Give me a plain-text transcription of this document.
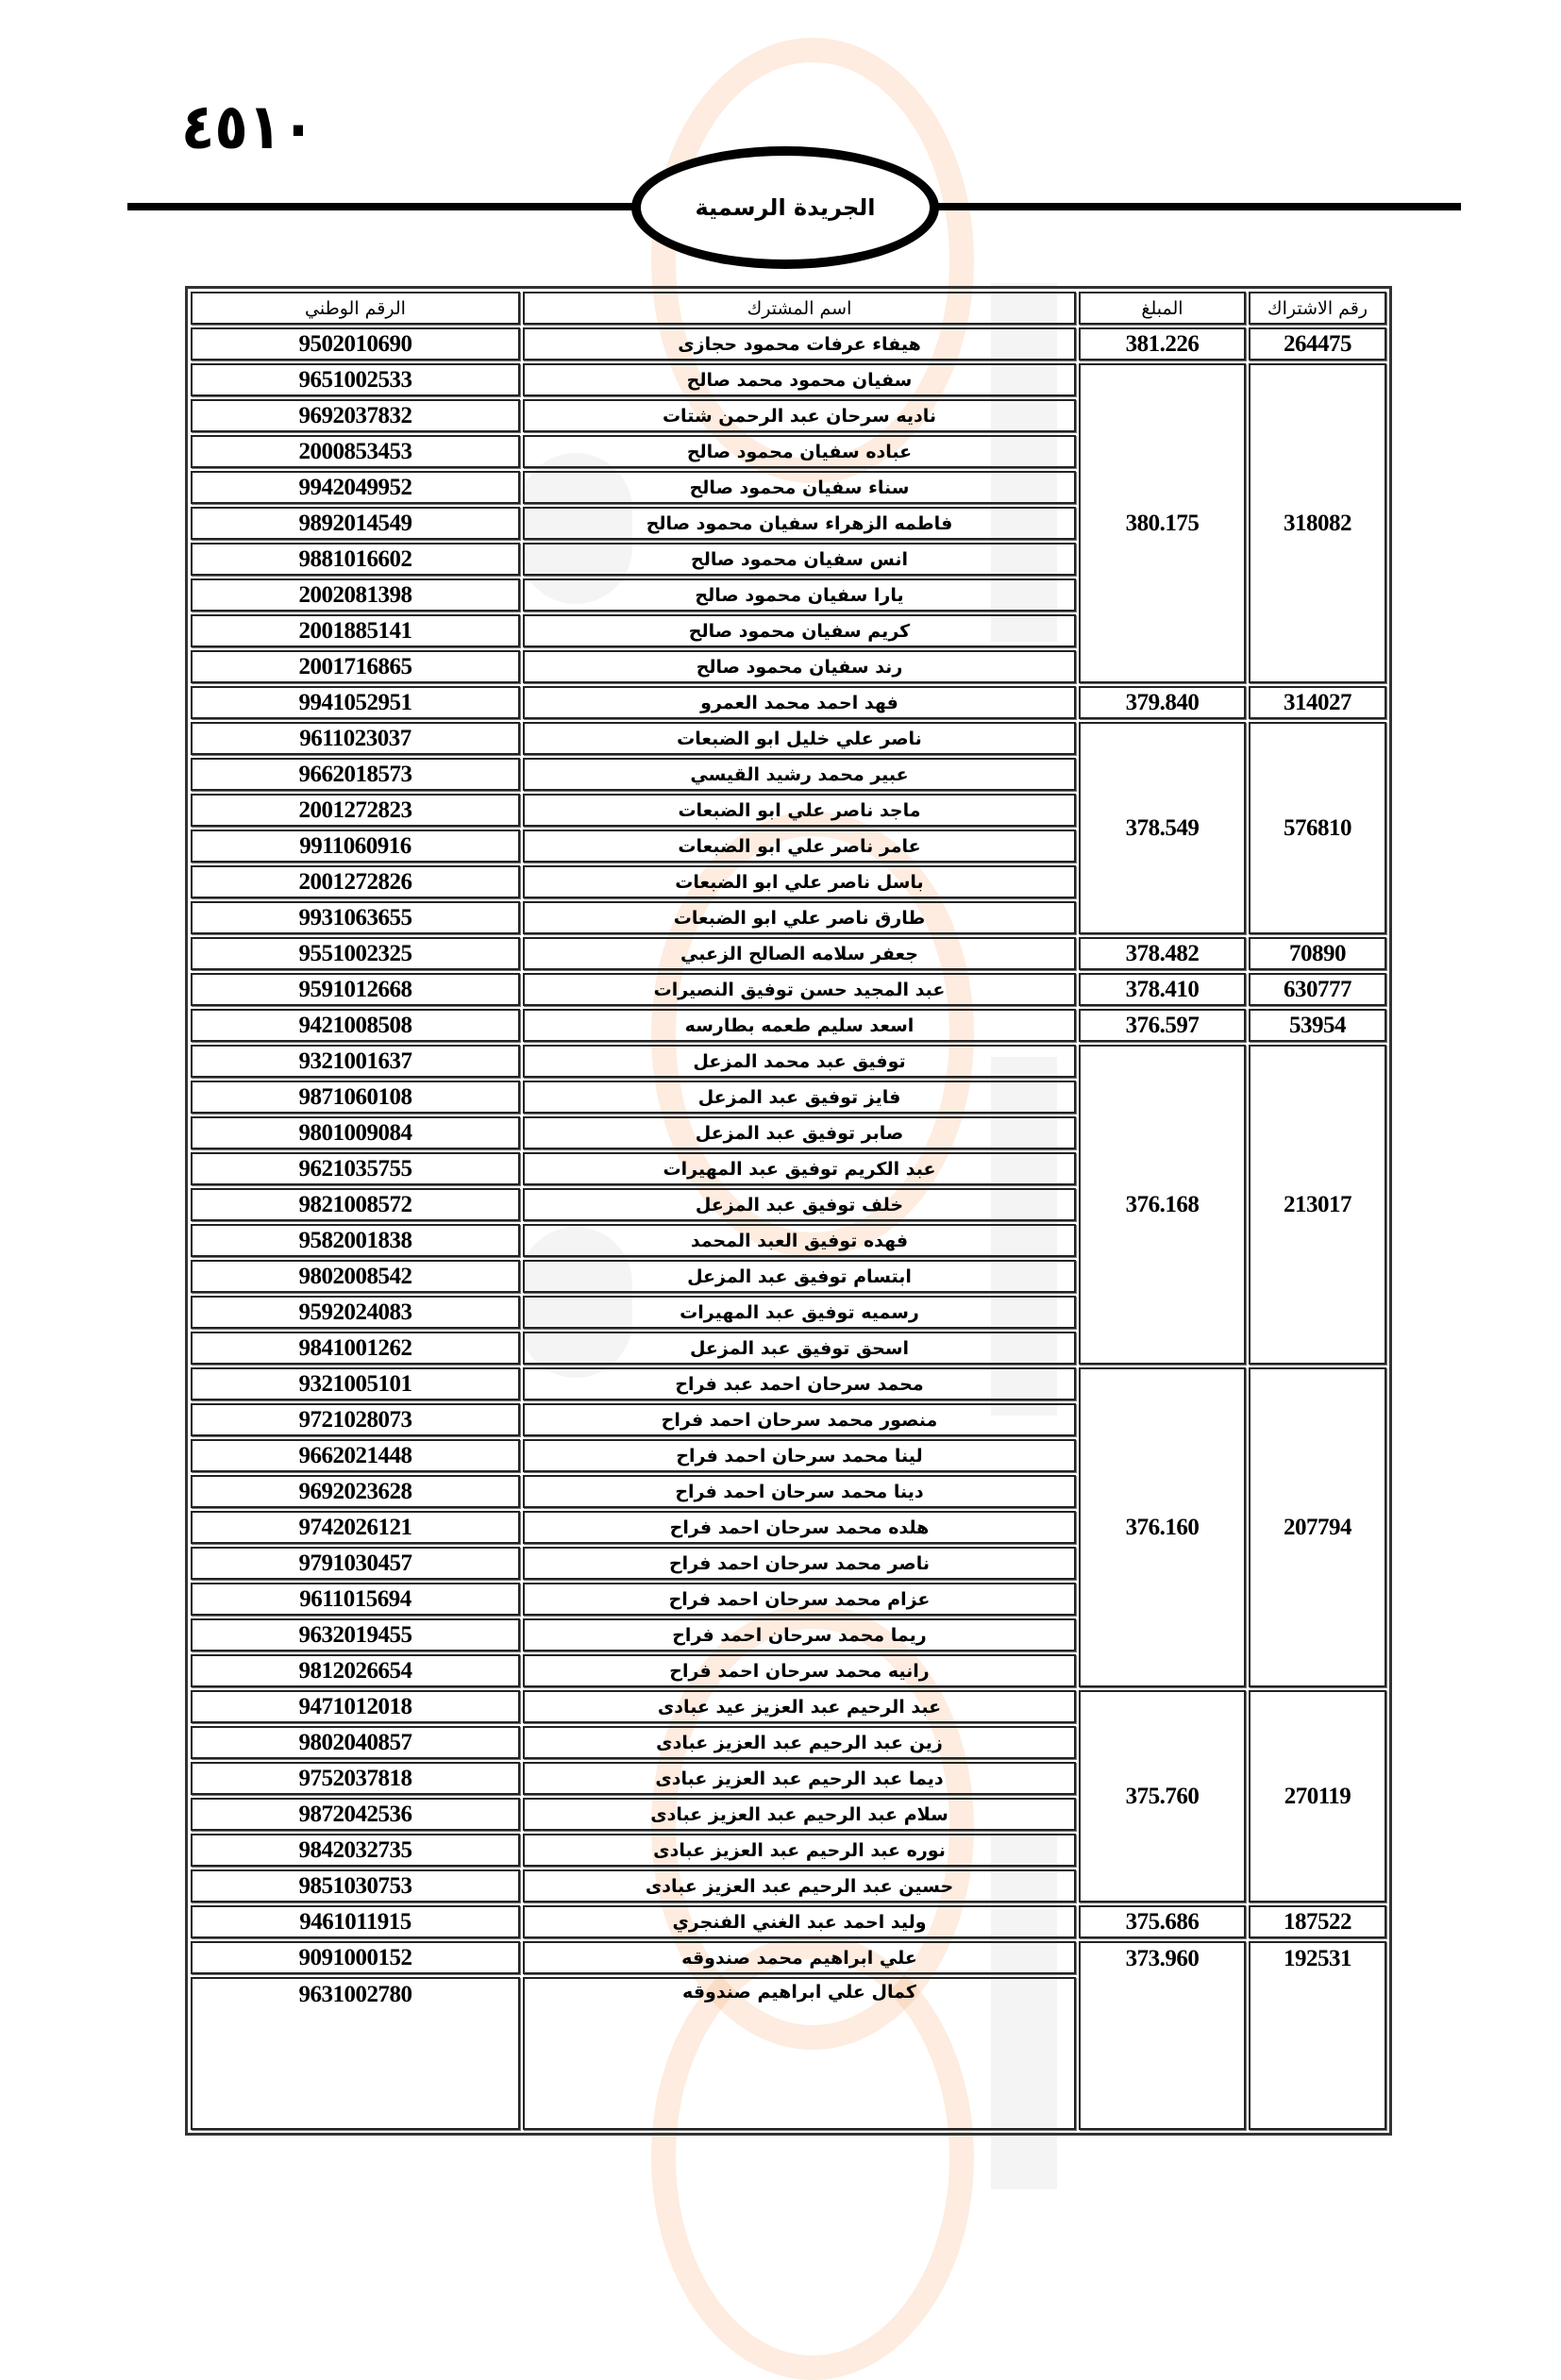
٤٥١٠
الجريدة الرسمية
رقم الاشتراك	المبلغ	اسم المشترك	الرقم الوطني
264475	381.226	هيفاء عرفات محمود حجازى	9502010690
318082	380.175	سفيان محمود محمد صالح	9651002533
		ناديه سرحان عبد الرحمن شتات	9692037832
		عباده سفيان محمود صالح	2000853453
		سناء سفيان محمود صالح	9942049952
		فاطمه الزهراء سفيان محمود صالح	9892014549
		انس سفيان محمود صالح	9881016602
		يارا سفيان محمود صالح	2002081398
		كريم سفيان محمود صالح	2001885141
		رند سفيان محمود صالح	2001716865
314027	379.840	فهد احمد محمد العمرو	9941052951
576810	378.549	ناصر علي خليل ابو الضبعات	9611023037
		عبير محمد رشيد القيسي	9662018573
		ماجد ناصر علي ابو الضبعات	2001272823
		عامر ناصر علي ابو الضبعات	9911060916
		باسل ناصر علي ابو الضبعات	2001272826
		طارق ناصر علي ابو الضبعات	9931063655
70890	378.482	جعفر سلامه الصالح الزعبي	9551002325
630777	378.410	عبد المجيد حسن توفيق النصيرات	9591012668
53954	376.597	اسعد سليم طعمه بطارسه	9421008508
213017	376.168	توفيق عبد محمد المزعل	9321001637
		فايز توفيق عبد المزعل	9871060108
		صابر توفيق عبد المزعل	9801009084
		عبد الكريم توفيق عبد المهيرات	9621035755
		خلف توفيق عبد المزعل	9821008572
		فهده توفيق العبد المحمد	9582001838
		ابتسام توفيق عبد المزعل	9802008542
		رسميه توفيق عبد المهيرات	9592024083
		اسحق توفيق عبد المزعل	9841001262
207794	376.160	محمد سرحان احمد عبد فراح	9321005101
		منصور محمد سرحان احمد فراح	9721028073
		لينا محمد سرحان احمد فراح	9662021448
		دينا محمد سرحان احمد فراح	9692023628
		هلده محمد سرحان احمد فراح	9742026121
		ناصر محمد سرحان احمد فراح	9791030457
		عزام محمد سرحان احمد فراح	9611015694
		ريما محمد سرحان احمد فراح	9632019455
		رانيه محمد سرحان احمد فراح	9812026654
270119	375.760	عبد الرحيم عبد العزيز عيد عبادى	9471012018
		زين عبد الرحيم عبد العزيز عبادى	9802040857
		ديما عبد الرحيم عبد العزيز عبادى	9752037818
		سلام عبد الرحيم عبد العزيز عبادى	9872042536
		نوره عبد الرحيم عبد العزيز عبادى	9842032735
		حسين عبد الرحيم عبد العزيز عبادى	9851030753
187522	375.686	وليد احمد عبد الغني الفنجري	9461011915
192531	373.960	علي ابراهيم محمد صندوقه	9091000152
		كمال علي ابراهيم صندوقه	9631002780
